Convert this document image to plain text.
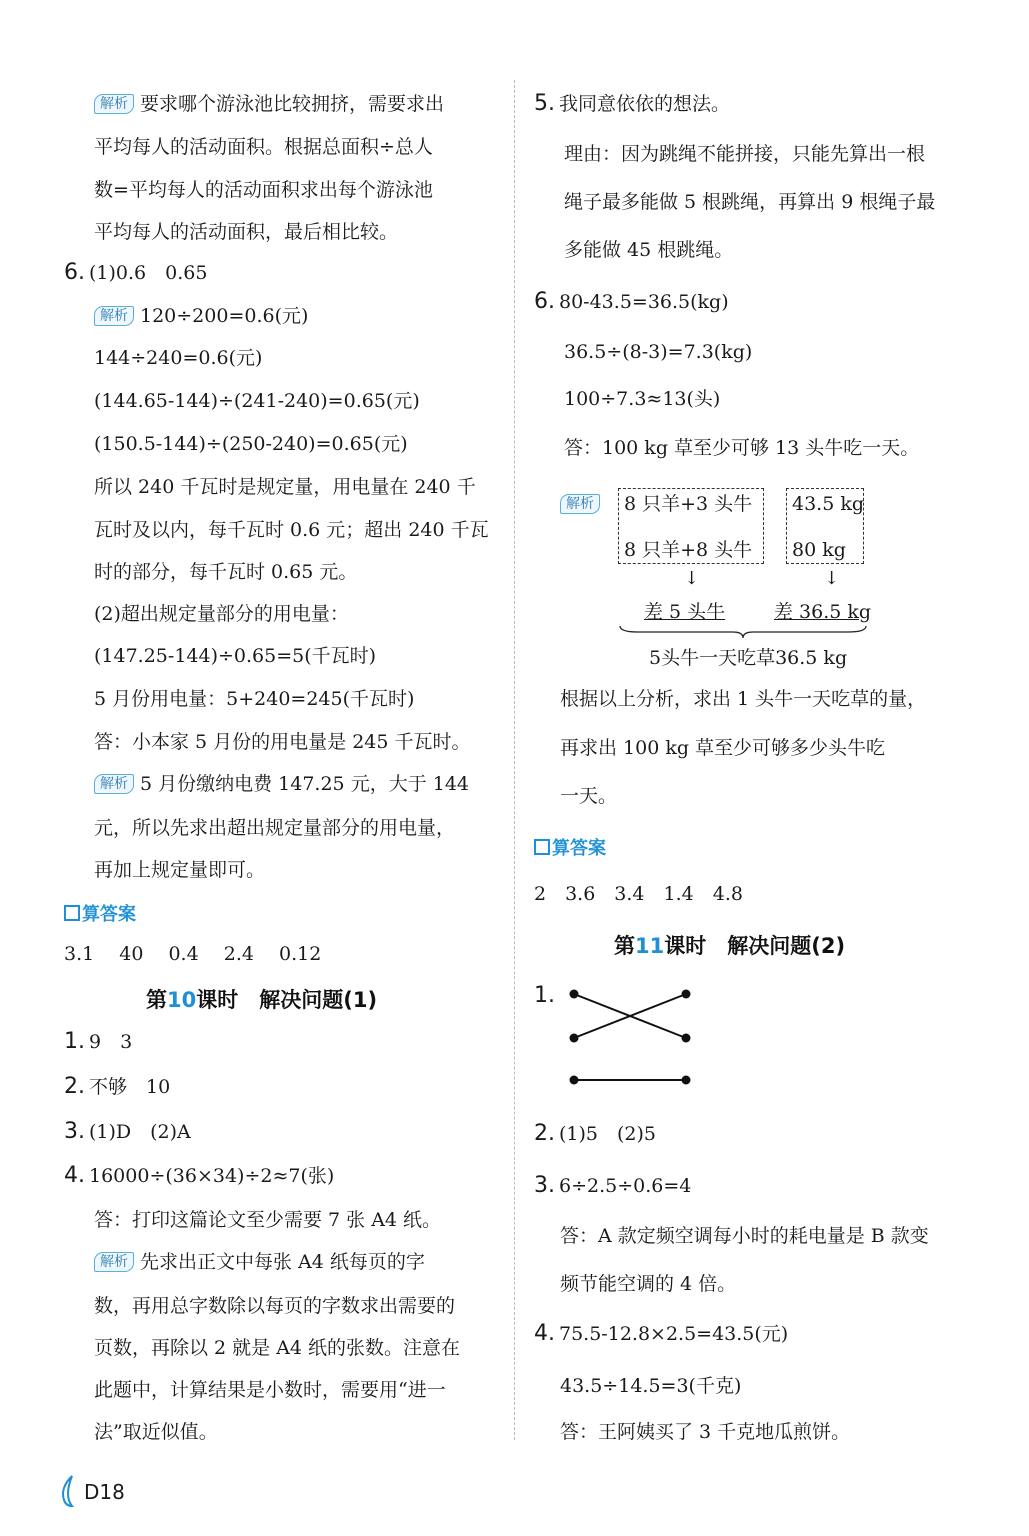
解析 要求哪个游泳池比较拥挤，需要求出
平均每人的活动面积。根据总面积÷总人
数=平均每人的活动面积求出每个游泳池
平均每人的活动面积，最后相比较。
6. (1)0.6　0.65
解析 120÷200=0.6(元)
144÷240=0.6(元)
(144.65-144)÷(241-240)=0.65(元)
(150.5-144)÷(250-240)=0.65(元)
所以 240 千瓦时是规定量，用电量在 240 千
瓦时及以内，每千瓦时 0.6 元；超出 240 千瓦
时的部分，每千瓦时 0.65 元。
(2)超出规定量部分的用电量：
(147.25-144)÷0.65=5(千瓦时)
5 月份用电量：5+240=245(千瓦时)
答：小本家 5 月份的用电量是 245 千瓦时。
解析 5 月份缴纳电费 147.25 元，大于 144
元，所以先求出超出规定量部分的用电量，
再加上规定量即可。
算答案
3.1　 40　 0.4　 2.4　 0.12
第10课时　解决问题(1)
1. 9　3
2. 不够　10
3. (1)D　(2)A
4. 16000÷(36×34)÷2≈7(张)
答：打印这篇论文至少需要 7 张 A4 纸。
解析 先求出正文中每张 A4 纸每页的字
数，再用总字数除以每页的字数求出需要的
页数，再除以 2 就是 A4 纸的张数。注意在
此题中，计算结果是小数时，需要用“进一
法”取近似值。
5. 我同意依依的想法。
理由：因为跳绳不能拼接，只能先算出一根
绳子最多能做 5 根跳绳，再算出 9 根绳子最
多能做 45 根跳绳。
6. 80-43.5=36.5(kg)
36.5÷(8-3)=7.3(kg)
100÷7.3≈13(头)
答：100 kg 草至少可够 13 头牛吃一天。
解析	8 只羊+3 头牛
8 只羊+8 头牛
43.5 kg
80 kg
↓	↓
差 5 头牛	差 36.5 kg
5头牛一天吃草36.5 kg
根据以上分析，求出 1 头牛一天吃草的量，
再求出 100 kg 草至少可够多少头牛吃
一天。
算答案
2　3.6　3.4　1.4　4.8
第11课时　解决问题(2)
1.
2. (1)5　(2)5
3. 6÷2.5÷0.6=4
答：A 款定频空调每小时的耗电量是 B 款变
频节能空调的 4 倍。
4. 75.5-12.8×2.5=43.5(元)
43.5÷14.5=3(千克)
答：王阿姨买了 3 千克地瓜煎饼。
D18
